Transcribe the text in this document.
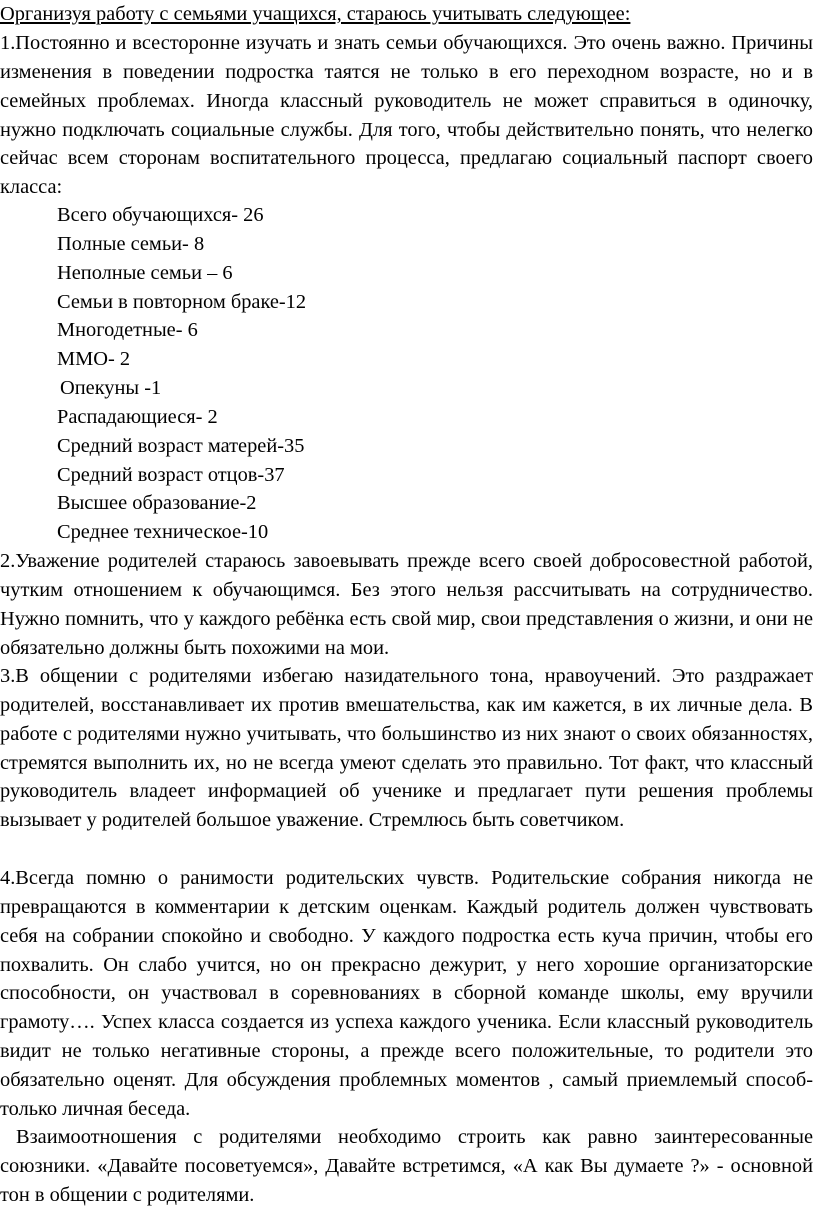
Организуя работу с семьями учащихся, стараюсь учитывать следующее:

1.Постоянно и всесторонне изучать и знать семьи обучающихся. Это очень важно. Причины изменения в поведении подростка таятся не только в его переходном возрасте, но и в семейных проблемах. Иногда классный руководитель не может справиться в одиночку, нужно подключать социальные службы. Для того, чтобы действительно понять, что нелегко сейчас всем сторонам воспитательного процесса, предлагаю социальный паспорт своего класса:

Всего обучающихся- 26
Полные семьи- 8
Неполные семьи – 6
Семьи в повторном браке-12
Многодетные- 6
ММО- 2
Опекуны -1
Распадающиеся- 2
Средний возраст матерей-35
Средний возраст отцов-37
Высшее образование-2
Среднее техническое-10

2.Уважение родителей стараюсь завоевывать прежде всего своей добросовестной работой, чутким отношением к обучающимся. Без этого нельзя рассчитывать на сотрудничество. Нужно помнить, что у каждого ребёнка есть свой мир, свои представления о жизни, и они не обязательно должны быть похожими на мои.

3.В общении с родителями избегаю назидательного тона, нравоучений. Это раздражает родителей, восстанавливает их против вмешательства, как им кажется, в их личные дела. В работе с родителями нужно учитывать, что большинство из них знают о своих обязанностях, стремятся выполнить их, но не всегда умеют сделать это правильно. Тот факт, что классный руководитель владеет информацией об ученике и предлагает пути решения проблемы вызывает у родителей большое уважение. Стремлюсь быть советчиком.

4.Всегда помню о ранимости родительских чувств. Родительские собрания никогда не превращаются в комментарии к детским оценкам. Каждый родитель должен чувствовать себя на собрании спокойно и свободно. У каждого подростка есть куча причин, чтобы его похвалить. Он слабо учится, но он прекрасно дежурит, у него хорошие организаторские способности, он участвовал в соревнованиях в сборной команде школы, ему вручили грамоту…. Успех класса создается из успеха каждого ученика. Если классный руководитель видит не только негативные стороны, а прежде всего положительные, то родители это обязательно оценят. Для обсуждения проблемных моментов , самый приемлемый способ- только личная беседа.

Взаимоотношения с родителями необходимо строить как равно заинтересованные союзники. «Давайте посоветуемся», Давайте встретимся, «А как Вы думаете ?» - основной тон в общении с родителями.
